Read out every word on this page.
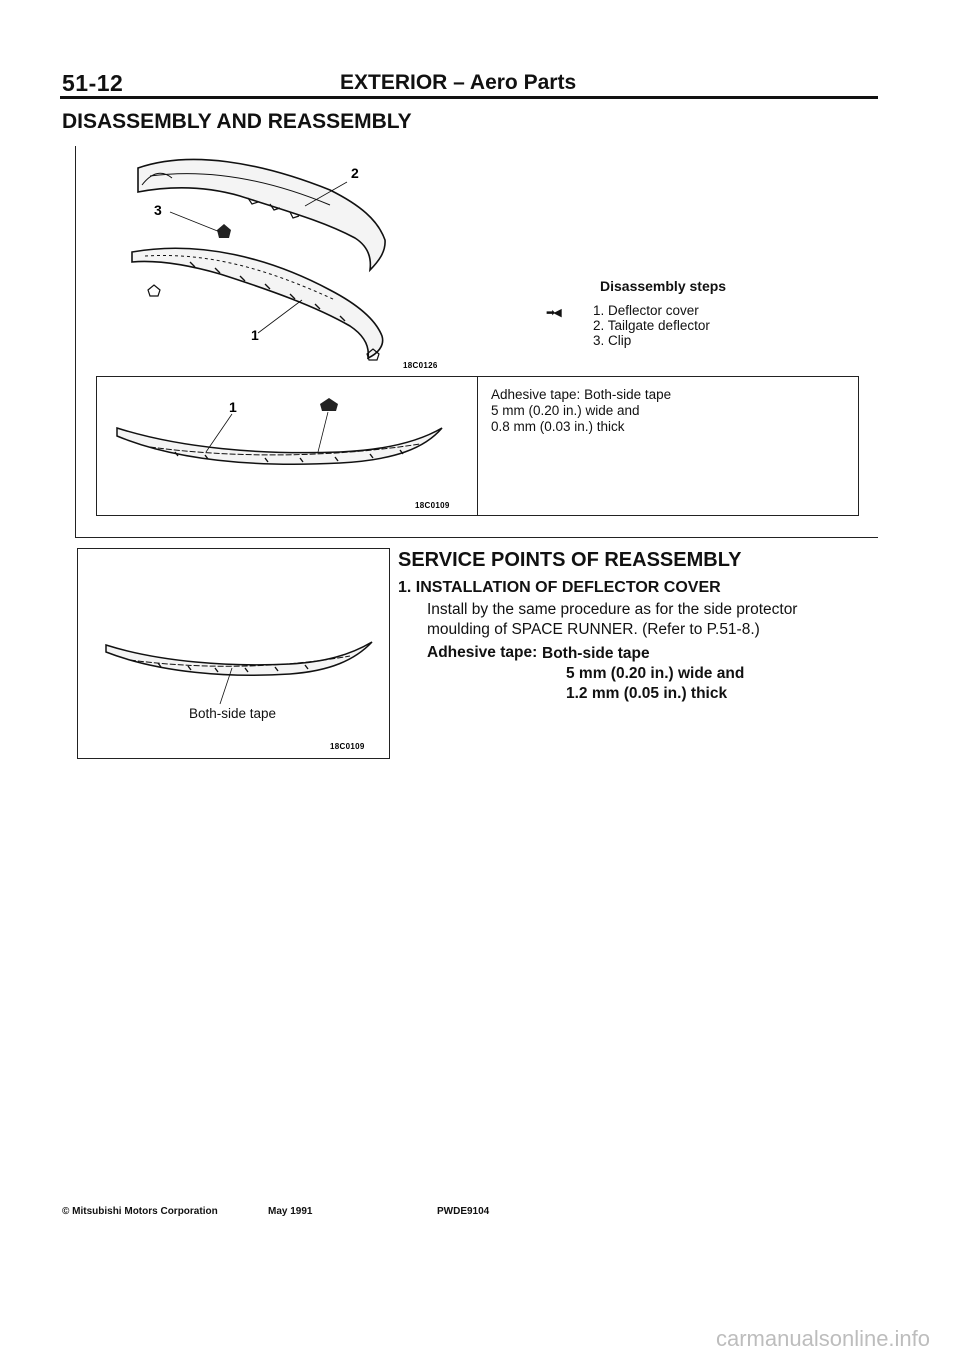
51-12	EXTERIOR – Aero Parts
DISASSEMBLY AND REASSEMBLY
2
3
1
18C0126
Disassembly steps
➡◀ 1. Deflector cover
2. Tailgate deflector
3. Clip
1
18C0109
Adhesive tape: Both-side tape
5 mm (0.20 in.) wide and
0.8 mm (0.03 in.) thick
18C0109
Both-side tape
SERVICE POINTS OF REASSEMBLY
1. INSTALLATION OF DEFLECTOR COVER
Install by the same procedure as for the side protector
moulding of SPACE RUNNER. (Refer to P.51-8.)
Adhesive tape: Both-side tape
5 mm (0.20 in.) wide and
1.2 mm (0.05 in.) thick
© Mitsubishi Motors Corporation	May 1991	PWDE9104
carmanualsonline.info
